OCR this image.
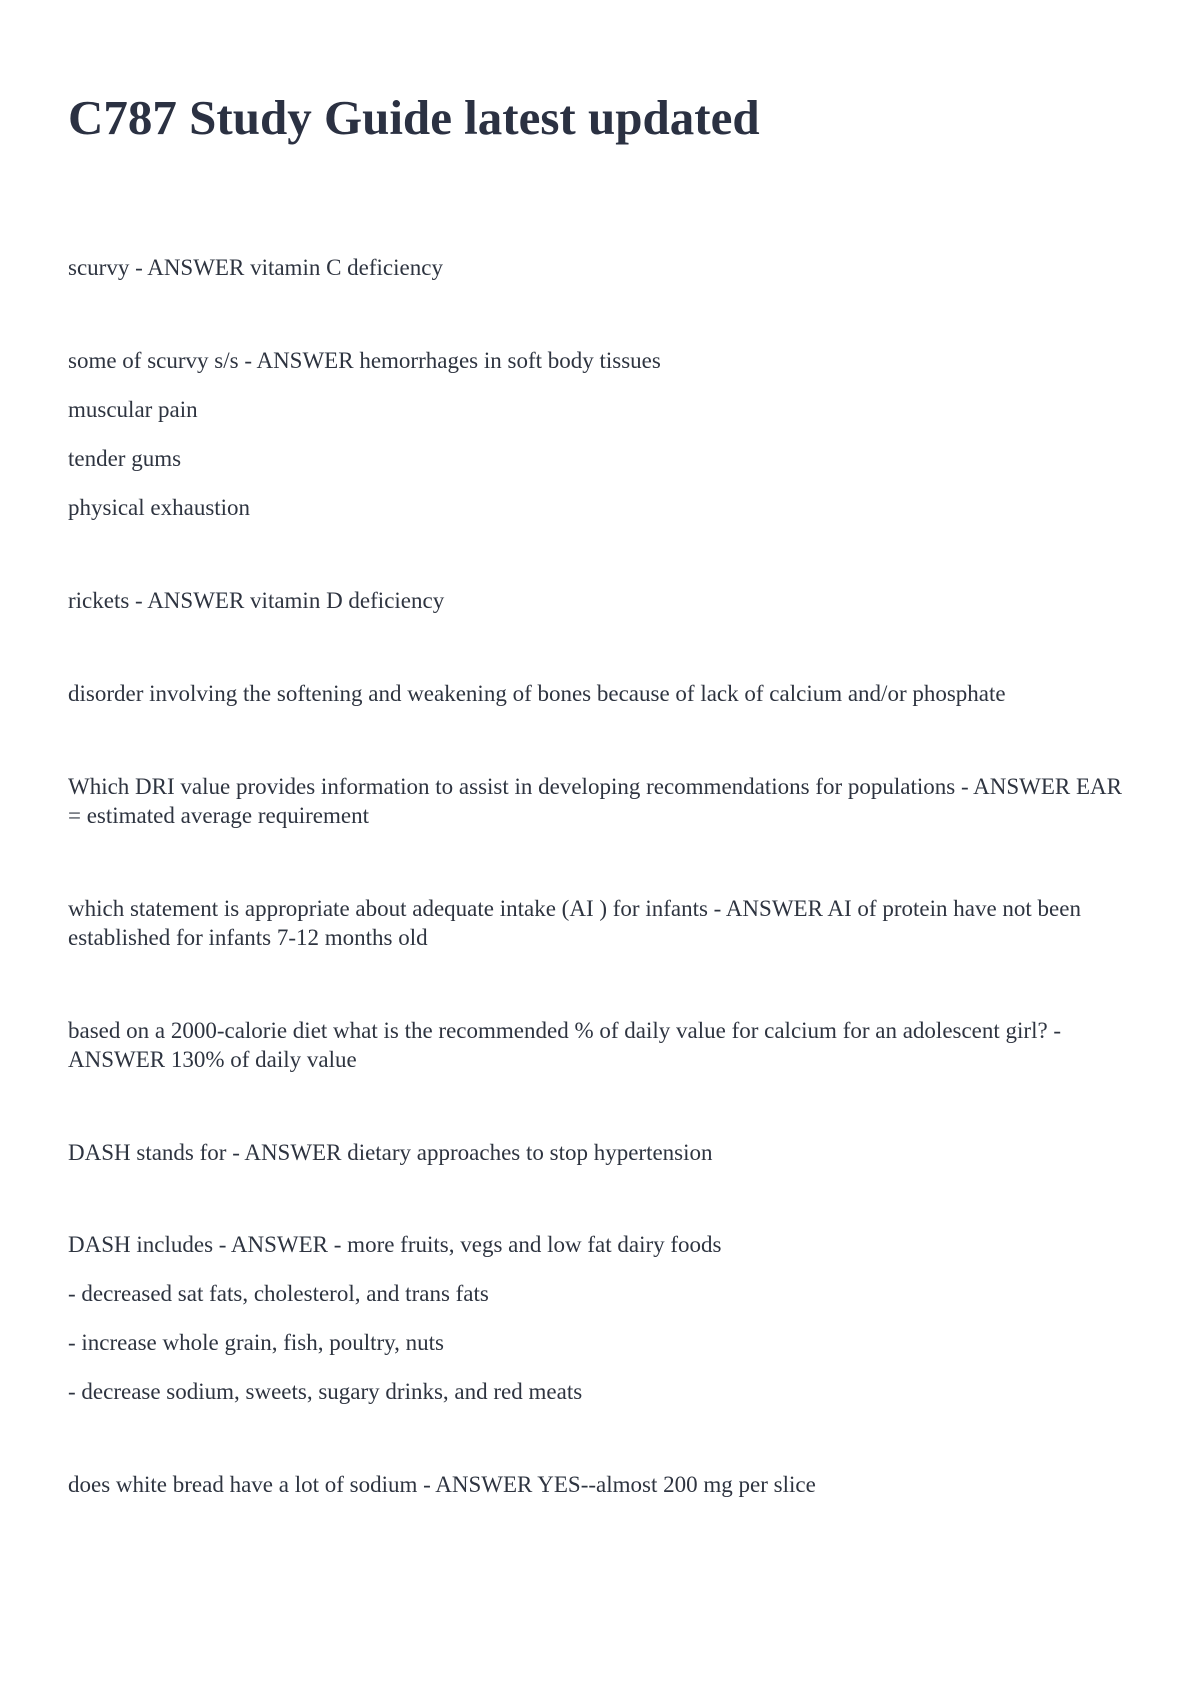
C787 Study Guide latest updated

scurvy - ANSWER vitamin C deficiency

some of scurvy s/s - ANSWER hemorrhages in soft body tissues

muscular pain

tender gums

physical exhaustion

rickets - ANSWER vitamin D deficiency

disorder involving the softening and weakening of bones because of lack of calcium and/or phosphate

Which DRI value provides information to assist in developing recommendations for populations - ANSWER EAR = estimated average requirement

which statement is appropriate about adequate intake (AI ) for infants - ANSWER AI of protein have not been established for infants 7-12 months old

based on a 2000-calorie diet what is the recommended % of daily value for calcium for an adolescent girl? - ANSWER 130% of daily value

DASH stands for - ANSWER dietary approaches to stop hypertension

DASH includes - ANSWER - more fruits, vegs and low fat dairy foods

- decreased sat fats, cholesterol, and trans fats

- increase whole grain, fish, poultry, nuts

- decrease sodium, sweets, sugary drinks, and red meats

does white bread have a lot of sodium - ANSWER YES--almost 200 mg per slice
